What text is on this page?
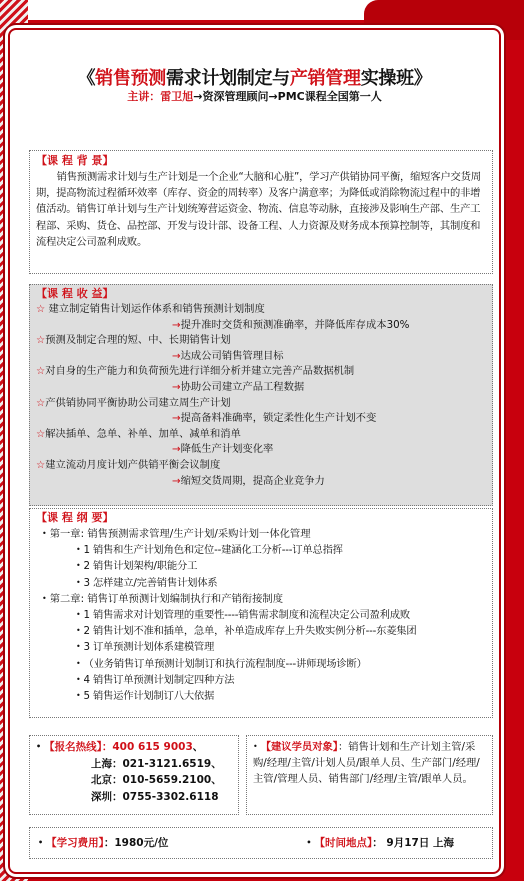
《销售预测需求计划制定与产销管理实操班》
主讲：雷卫旭→资深管理顾问→PMC课程全国第一人
【课 程 背 景】
销售预测需求计划与生产计划是一个企业“大脑和心脏”，学习产供销协同平衡，缩短客户交货周期，提高物流过程循环效率（库存、资金的周转率）及客户满意率；为降低或消除物流过程中的非增值活动。销售订单计划与生产计划统筹营运资金、物流、信息等动脉，直接涉及影响生产部、生产工程部、采购、货仓、品控部、开发与设计部、设备工程、人力资源及财务成本预算控制等，其制度和流程决定公司盈利成败。
【课 程 收 益】
☆ 建立制定销售计划运作体系和销售预测计划制度
→提升准时交货和预测准确率，并降低库存成本30%
☆预测及制定合理的短、中、长期销售计划
→达成公司销售管理目标
☆对自身的生产能力和负荷预先进行详细分析并建立完善产品数据机制
→协助公司建立产品工程数据
☆产供销协同平衡协助公司建立周生产计划
→提高备料准确率，锁定柔性化生产计划不变
☆解决插单、急单、补单、加单、减单和消单
→降低生产计划变化率
☆建立流动月度计划产供销平衡会议制度
→缩短交货周期，提高企业竞争力
【课 程 纲 要】
• 第一章: 销售预测需求管理/生产计划/采购计划一体化管理
• 1 销售和生产计划角色和定位--建涵化工分析---订单总指挥
• 2 销售计划架构/职能分工
• 3 怎样建立/完善销售计划体系
• 第二章: 销售订单预测计划编制执行和产销衔接制度
• 1 销售需求对计划管理的重要性----销售需求制度和流程决定公司盈利成败
• 2 销售计划不准和插单，急单，补单造成库存上升失败实例分析---东菱集团
• 3 订单预测计划体系建模管理
• （业务销售订单预测计划制订和执行流程制度---讲师现场诊断）
• 4 销售订单预测计划制定四种方法
• 5 销售运作计划制订八大依据
• 【报名热线】：400 615 9003、
上海：021-3121.6519、
北京：010-5659.2100、
深圳：0755-3302.6118
• 【建议学员对象】：销售计划和生产计划主管/采购/经理/主管/计划人员/跟单人员、生产部门/经理/主管/管理人员、销售部门/经理/主管/跟单人员。
• 【学习费用】：1980元/位	• 【时间地点】： 9月17日 上海
